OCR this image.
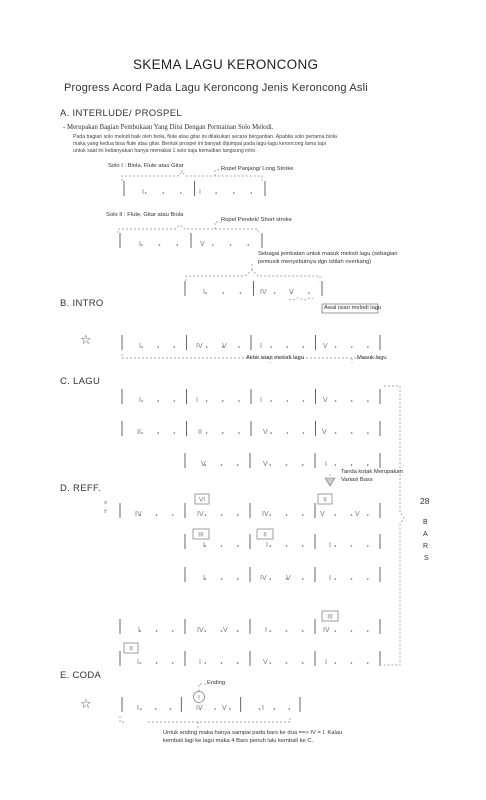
I	I
I	V
I	IV	V
I	IV	V	I	V
I	I	I	V
II	II	V	V
V	V	I
IV	IV	IV	V	V
I	I	I
I	IV	V	I
I	IV	V	I	IV
I	I	V	I
I	IV	V	I
I
VI	II
III	II
III
II
SKEMA LAGU KERONCONG
Progress Acord Pada Lagu Keroncong Jenis Keroncong Asli
A. INTERLUDE/ PROSPEL
- Merupakan Bagian Pembukaan Yang Diisi Dengan Permainan Solo Melodi.
Pada bagian solo melodi baik oleh biola, flute atau gitar ini dilakukan secara bergantian. Apabila solo pertama biola
maka yang kedua bisa flute atau gitar. Bentuk prospel ini banyak dijumpai pada lagu-lagu keroncong lama tapi
untuk saat ini kebanyakan hanya memakai 1 solo saja kemudian langsung intro.
Solo I : Biola, Flute atau Gitar	Ropel Panjang/ Long Stroke
Solo II : Flute, Gitar atau Biola
Ropel Pendek/ Short stroke
Sebagai jembatan untuk masuk melodi lagu (sebagian
pemusik menyebutnya dgn istilah overkang)
B. INTRO	Awal isian melodi lagu
☆
Akhir isian melodi lagu	Masuk lagu
C. LAGU
D. REFF.
Tanda kotak Merupakan
Variasi Bass
x
y
28
B
A
R
S
E. CODA
Ending
☆
Untuk ending maka hanya sampai pada bars ke dua ==> IV = I. Kalau
kembali lagi ke lagu maka 4 Bars penuh lalu kembali ke C.
